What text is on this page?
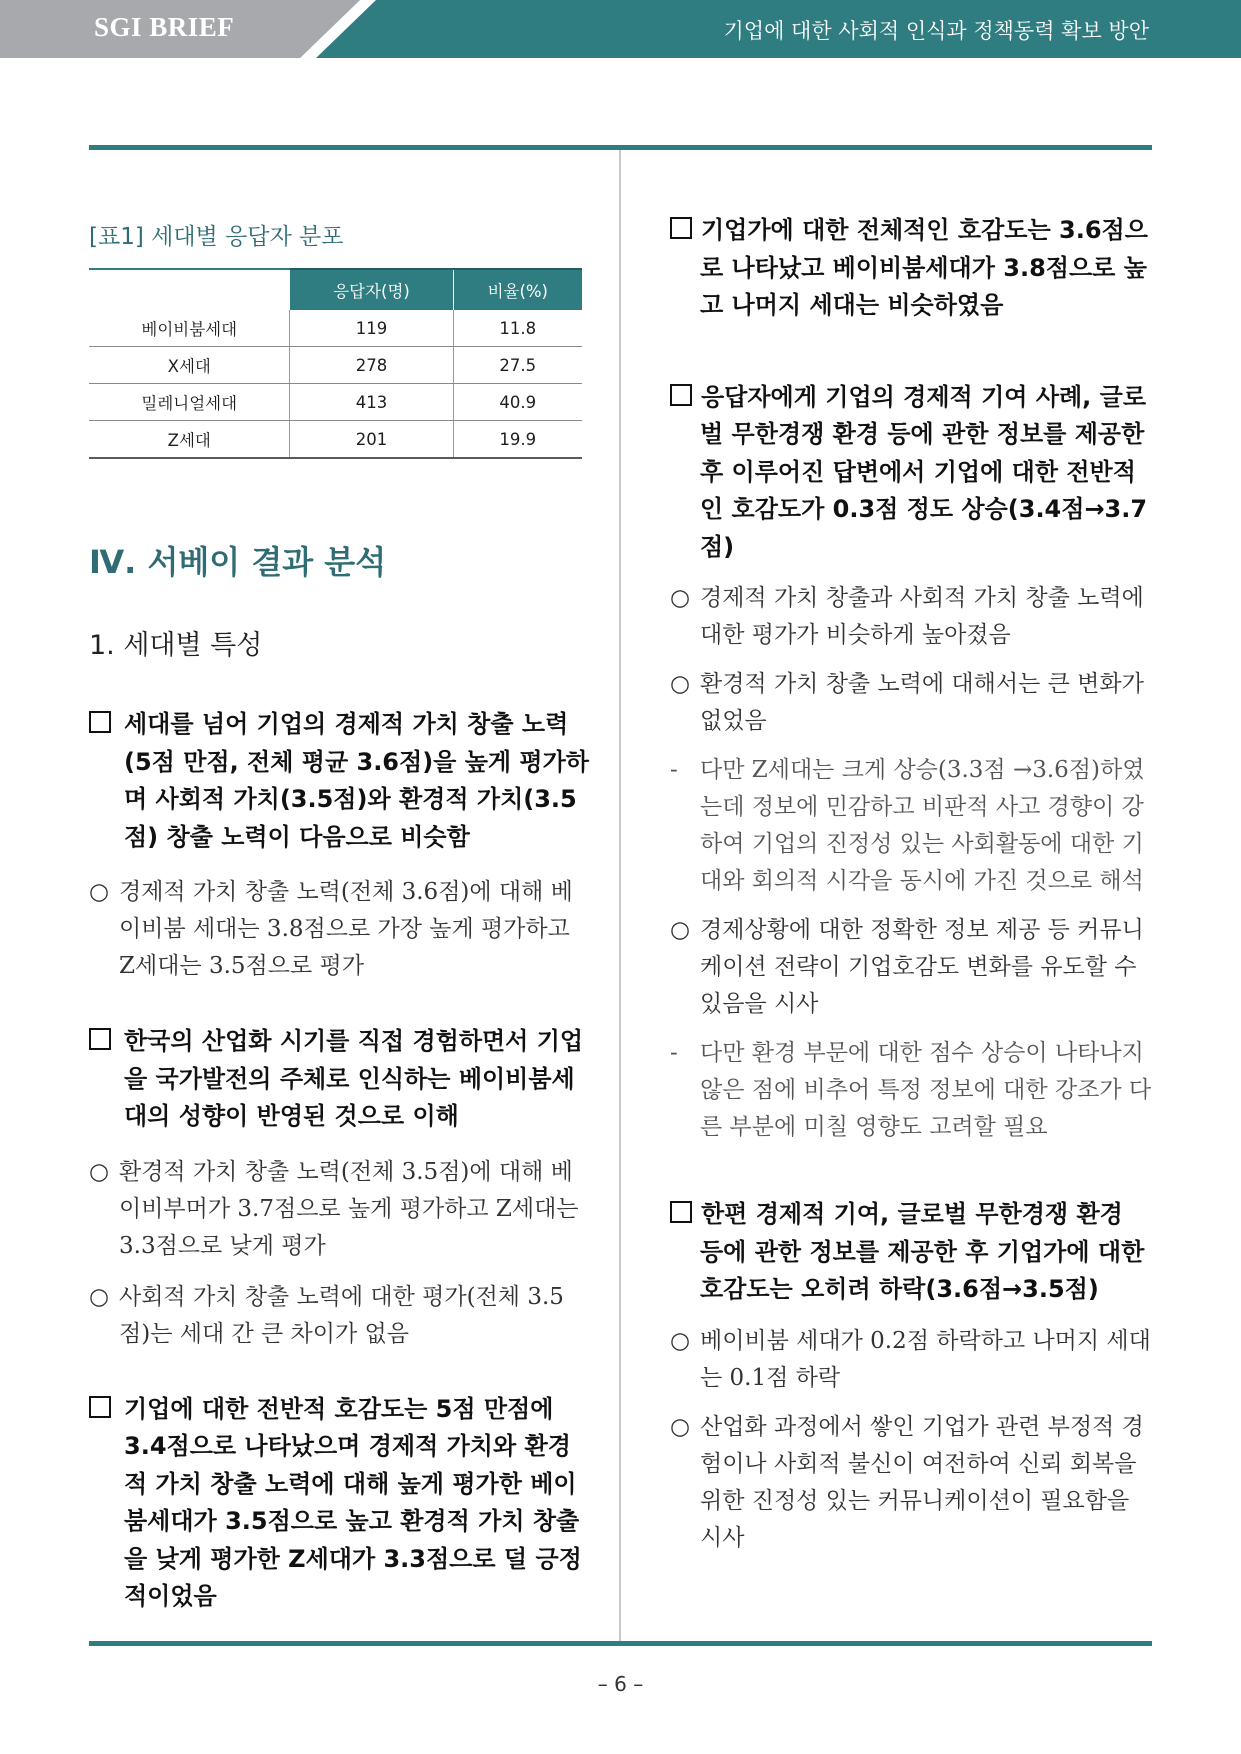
SGI BRIEF	기업에 대한 사회적 인식과 정책동력 확보 방안
[표1] 세대별 응답자 분포
	응답자(명)	비율(%)
베이비붐세대	119	11.8
X세대	278	27.5
밀레니얼세대	413	40.9
Z세대	201	19.9
Ⅳ. 서베이 결과 분석
1. 세대별 특성

세대를 넘어 기업의 경제적 가치 창출 노력(5점 만점, 전체 평균 3.6점)을 높게 평가하며 사회적 가치(3.5점)와 환경적 가치(3.5점) 창출 노력이 다음으로 비슷함

○ 경제적 가치 창출 노력(전체 3.6점)에 대해 베이비붐 세대는 3.8점으로 가장 높게 평가하고 Z세대는 3.5점으로 평가

한국의 산업화 시기를 직접 경험하면서 기업을 국가발전의 주체로 인식하는 베이비붐세대의 성향이 반영된 것으로 이해

○ 환경적 가치 창출 노력(전체 3.5점)에 대해 베이비부머가 3.7점으로 높게 평가하고 Z세대는 3.3점으로 낮게 평가

○ 사회적 가치 창출 노력에 대한 평가(전체 3.5점)는 세대 간 큰 차이가 없음

기업에 대한 전반적 호감도는 5점 만점에 3.4점으로 나타났으며 경제적 가치와 환경적 가치 창출 노력에 대해 높게 평가한 베이붐세대가 3.5점으로 높고 환경적 가치 창출을 낮게 평가한 Z세대가 3.3점으로 덜 긍정적이었음

기업가에 대한 전체적인 호감도는 3.6점으로 나타났고 베이비붐세대가 3.8점으로 높고 나머지 세대는 비슷하였음

응답자에게 기업의 경제적 기여 사례, 글로벌 무한경쟁 환경 등에 관한 정보를 제공한 후 이루어진 답변에서 기업에 대한 전반적인 호감도가 0.3점 정도 상승(3.4점→3.7점)

○ 경제적 가치 창출과 사회적 가치 창출 노력에 대한 평가가 비슷하게 높아졌음

○ 환경적 가치 창출 노력에 대해서는 큰 변화가 없었음

- 다만 Z세대는 크게 상승(3.3점 →3.6점)하였는데 정보에 민감하고 비판적 사고 경향이 강하여 기업의 진정성 있는 사회활동에 대한 기대와 회의적 시각을 동시에 가진 것으로 해석

○ 경제상황에 대한 정확한 정보 제공 등 커뮤니케이션 전략이 기업호감도 변화를 유도할 수 있음을 시사

- 다만 환경 부문에 대한 점수 상승이 나타나지 않은 점에 비추어 특정 정보에 대한 강조가 다른 부분에 미칠 영향도 고려할 필요

한편 경제적 기여, 글로벌 무한경쟁 환경 등에 관한 정보를 제공한 후 기업가에 대한 호감도는 오히려 하락(3.6점→3.5점)

○ 베이비붐 세대가 0.2점 하락하고 나머지 세대는 0.1점 하락

○ 산업화 과정에서 쌓인 기업가 관련 부정적 경험이나 사회적 불신이 여전하여 신뢰 회복을 위한 진정성 있는 커뮤니케이션이 필요함을 시사

– 6 –
